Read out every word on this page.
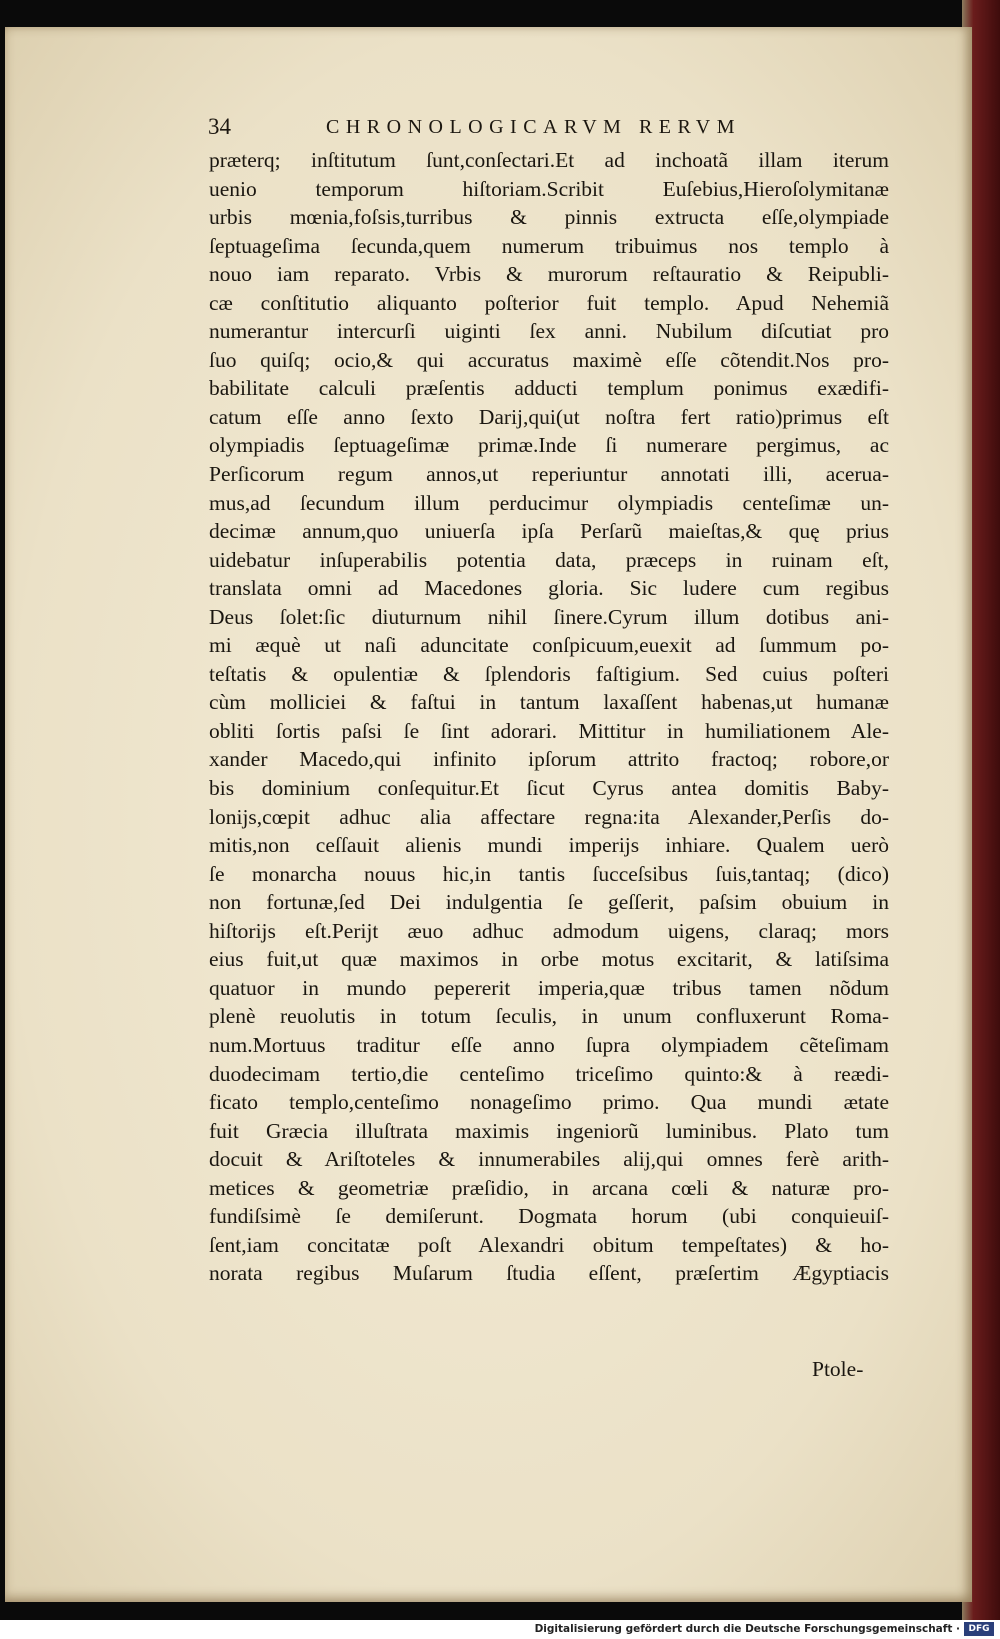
34	CHRONOLOGICARVM RERVM
præterq; inſtitutum ſunt,conſectari.Et ad inchoatã illam iterum
uenio temporum hiſtoriam.Scribit Euſebius,Hieroſolymitanæ
urbis mœnia,foſsis,turribus & pinnis extructa eſſe,olympiade
ſeptuageſima ſecunda,quem numerum tribuimus nos templo à
nouo iam reparato. Vrbis & murorum reſtauratio & Reipubli-
cæ conſtitutio aliquanto poſterior fuit templo. Apud Nehemiã
numerantur intercurſi uiginti ſex anni. Nubilum diſcutiat pro
ſuo quiſq; ocio,& qui accuratus maximè eſſe cõtendit.Nos pro-
babilitate calculi præſentis adducti templum ponimus exædifi-
catum eſſe anno ſexto Darij,qui(ut noſtra fert ratio)primus eſt
olympiadis ſeptuageſimæ primæ.Inde ſi numerare pergimus, ac
Perſicorum regum annos,ut reperiuntur annotati illi, acerua-
mus,ad ſecundum illum perducimur olympiadis centeſimæ un-
decimæ annum,quo uniuerſa ipſa Perſarũ maieſtas,& quę prius
uidebatur inſuperabilis potentia data, præceps in ruinam eſt,
translata omni ad Macedones gloria. Sic ludere cum regibus
Deus ſolet:ſic diuturnum nihil ſinere.Cyrum illum dotibus ani-
mi æquè ut naſi aduncitate conſpicuum,euexit ad ſummum po-
teſtatis & opulentiæ & ſplendoris faſtigium. Sed cuius poſteri
cùm molliciei & faſtui in tantum laxaſſent habenas,ut humanæ
obliti ſortis paſsi ſe ſint adorari. Mittitur in humiliationem Ale-
xander Macedo,qui infinito ipſorum attrito fractoq; robore,or
bis dominium conſequitur.Et ſicut Cyrus antea domitis Baby-
lonijs,cœpit adhuc alia affectare regna:ita Alexander,Perſis do-
mitis,non ceſſauit alienis mundi imperijs inhiare. Qualem uerò
ſe monarcha nouus hic,in tantis ſucceſsibus ſuis,tantaq; (dico)
non fortunæ,ſed Dei indulgentia ſe geſſerit, paſsim obuium in
hiſtorijs eſt.Perijt æuo adhuc admodum uigens, claraq; mors
eius fuit,ut quæ maximos in orbe motus excitarit, & latiſsima
quatuor in mundo pepererit imperia,quæ tribus tamen nõdum
plenè reuolutis in totum ſeculis, in unum confluxerunt Roma-
num.Mortuus traditur eſſe anno ſupra olympiadem cẽteſimam
duodecimam tertio,die centeſimo triceſimo quinto:& à reædi-
ficato templo,centeſimo nonageſimo primo. Qua mundi ætate
fuit Græcia illuſtrata maximis ingeniorũ luminibus. Plato tum
docuit & Ariſtoteles & innumerabiles alij,qui omnes ferè arith-
metices & geometriæ præſidio, in arcana cœli & naturæ pro-
fundiſsimè ſe demiſerunt. Dogmata horum (ubi conquieuiſ-
ſent,iam concitatæ poſt Alexandri obitum tempeſtates) & ho-
norata regibus Muſarum ſtudia eſſent, præſertim Ægyptiacis
Ptole-
Digitalisierung gefördert durch die Deutsche Forschungsgemeinschaft · DFG
